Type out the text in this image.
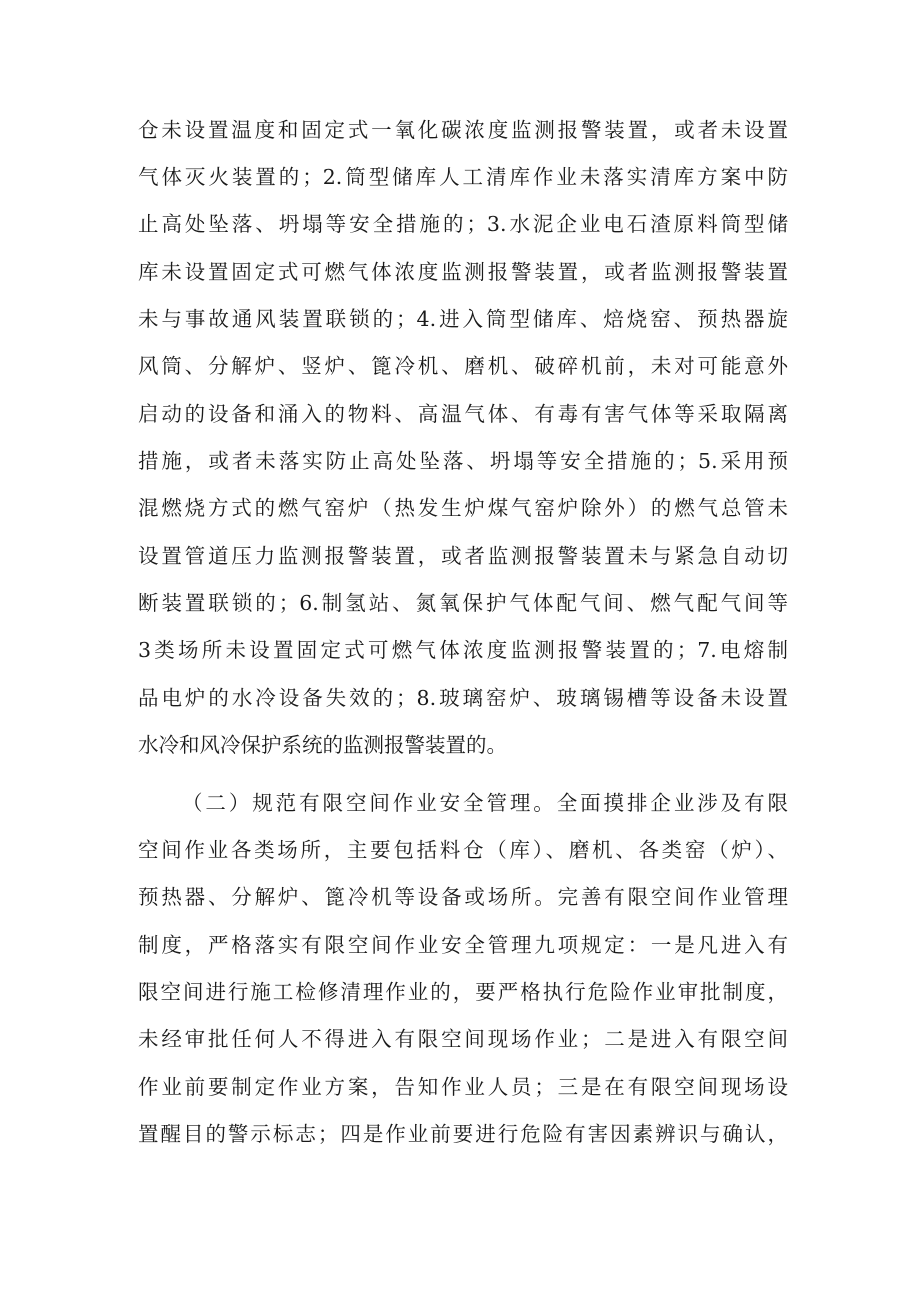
仓未设置温度和固定式一氧化碳浓度监测报警装置，或者未设置
气体灭火装置的；2.筒型储库人工清库作业未落实清库方案中防
止高处坠落、坍塌等安全措施的；3.水泥企业电石渣原料筒型储
库未设置固定式可燃气体浓度监测报警装置，或者监测报警装置
未与事故通风装置联锁的；4.进入筒型储库、焙烧窑、预热器旋
风筒、分解炉、竖炉、篦冷机、磨机、破碎机前，未对可能意外
启动的设备和涌入的物料、高温气体、有毒有害气体等采取隔离
措施，或者未落实防止高处坠落、坍塌等安全措施的；5.采用预
混燃烧方式的燃气窑炉（热发生炉煤气窑炉除外）的燃气总管未
设置管道压力监测报警装置，或者监测报警装置未与紧急自动切
断装置联锁的；6.制氢站、氮氧保护气体配气间、燃气配气间等
3类场所未设置固定式可燃气体浓度监测报警装置的；7.电熔制
品电炉的水冷设备失效的；8.玻璃窑炉、玻璃锡槽等设备未设置
水冷和风冷保护系统的监测报警装置的。
（二）规范有限空间作业安全管理。全面摸排企业涉及有限
空间作业各类场所，主要包括料仓（库）、磨机、各类窑（炉）、
预热器、分解炉、篦冷机等设备或场所。完善有限空间作业管理
制度，严格落实有限空间作业安全管理九项规定：一是凡进入有
限空间进行施工检修清理作业的，要严格执行危险作业审批制度，
未经审批任何人不得进入有限空间现场作业；二是进入有限空间
作业前要制定作业方案，告知作业人员；三是在有限空间现场设
置醒目的警示标志；四是作业前要进行危险有害因素辨识与确认，
